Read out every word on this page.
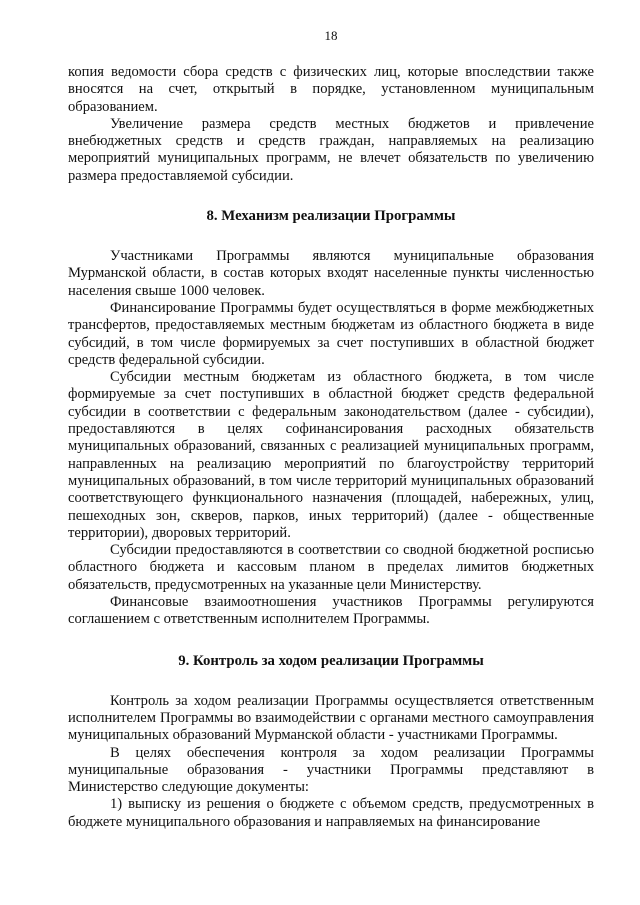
18

копия ведомости сбора средств с физических лиц, которые впоследствии также вносятся на счет, открытый в порядке, установленном муниципальным образованием.

Увеличение размера средств местных бюджетов и привлечение внебюджетных средств и средств граждан, направляемых на реализацию мероприятий муниципальных программ, не влечет обязательств по увеличению размера предоставляемой субсидии.

8. Механизм реализации Программы

Участниками Программы являются муниципальные образования Мурманской области, в состав которых входят населенные пункты численностью населения свыше 1000 человек.

Финансирование Программы будет осуществляться в форме межбюджетных трансфертов, предоставляемых местным бюджетам из областного бюджета в виде субсидий, в том числе формируемых за счет поступивших в областной бюджет средств федеральной субсидии.

Субсидии местным бюджетам из областного бюджета, в том числе формируемые за счет поступивших в областной бюджет средств федеральной субсидии в соответствии с федеральным законодательством (далее - субсидии), предоставляются в целях софинансирования расходных обязательств муниципальных образований, связанных с реализацией муниципальных программ, направленных на реализацию мероприятий по благоустройству территорий муниципальных образований, в том числе территорий муниципальных образований соответствующего функционального назначения (площадей, набережных, улиц, пешеходных зон, скверов, парков, иных территорий) (далее - общественные территории), дворовых территорий.

Субсидии предоставляются в соответствии со сводной бюджетной росписью областного бюджета и кассовым планом в пределах лимитов бюджетных обязательств, предусмотренных на указанные цели Министерству.

Финансовые взаимоотношения участников Программы регулируются соглашением с ответственным исполнителем Программы.

9. Контроль за ходом реализации Программы

Контроль за ходом реализации Программы осуществляется ответственным исполнителем Программы во взаимодействии с органами местного самоуправления муниципальных образований Мурманской области - участниками Программы.

В целях обеспечения контроля за ходом реализации Программы муниципальные образования - участники Программы представляют в Министерство следующие документы:

1) выписку из решения о бюджете с объемом средств, предусмотренных в бюджете муниципального образования и направляемых на финансирование
